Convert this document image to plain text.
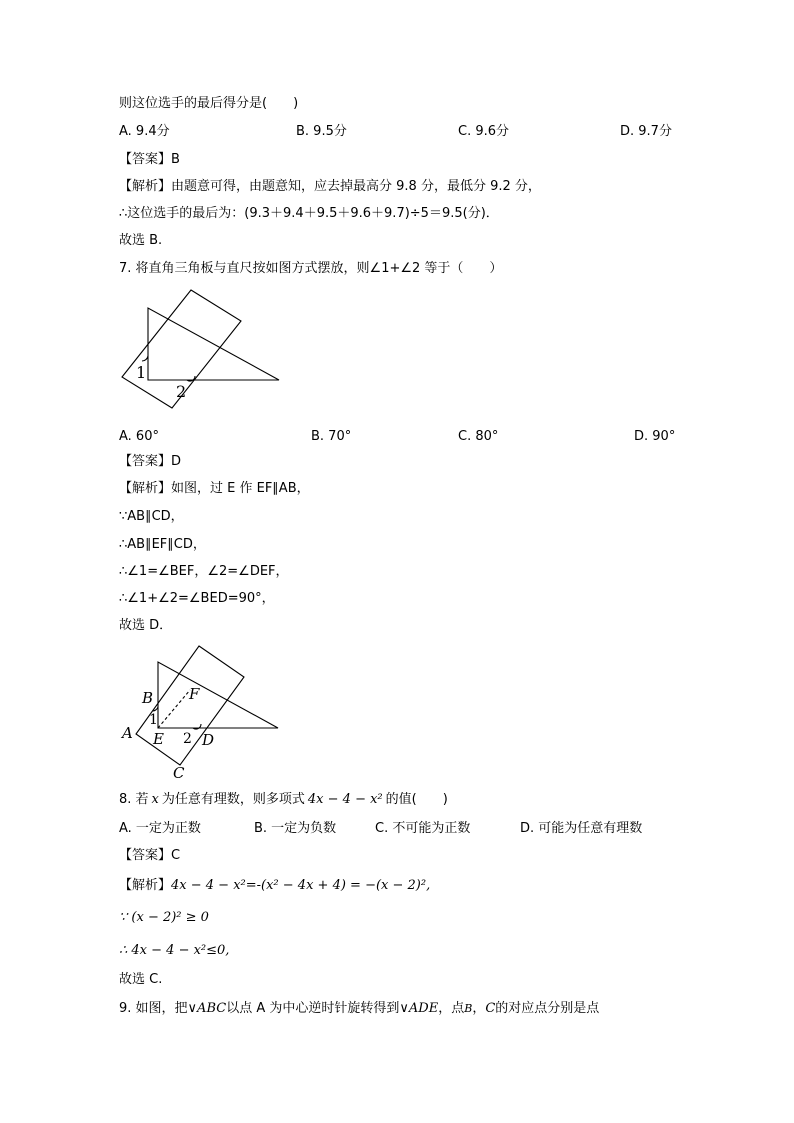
则这位选手的最后得分是(　　)
A. 9.4分	B. 9.5分	C. 9.6分	D. 9.7分
【答案】B
【解析】由题意可得，由题意知，应去掉最高分 9.8 分，最低分 9.2 分，
∴这位选手的最后为：(9.3＋9.4＋9.5＋9.6＋9.7)÷5＝9.5(分)．
故选 B.
7. 将直角三角板与直尺按如图方式摆放，则∠1+∠2 等于（　　）
1
2
A. 60°	B. 70°	C. 80°	D. 90°
【答案】D
【解析】如图，过 E 作 EF∥AB，
∵AB∥CD，
∴AB∥EF∥CD，
∴∠1=∠BEF，∠2=∠DEF，
∴∠1+∠2=∠BED=90°，
故选 D．
B F
A E	D
C
1
2
8. 若 x 为任意有理数，则多项式 4x − 4 − x² 的值(　　)
A. 一定为正数	B. 一定为负数	C. 不可能为正数	D. 可能为任意有理数
【答案】C
【解析】4x − 4 − x²=-(x² − 4x + 4) = −(x − 2)²,
∵ (x − 2)² ≥ 0
∴ 4x − 4 − x²≤0,
故选 C.
9. 如图，把∨ABC以点 A 为中心逆时针旋转得到∨ADE，点B，C的对应点分别是点
